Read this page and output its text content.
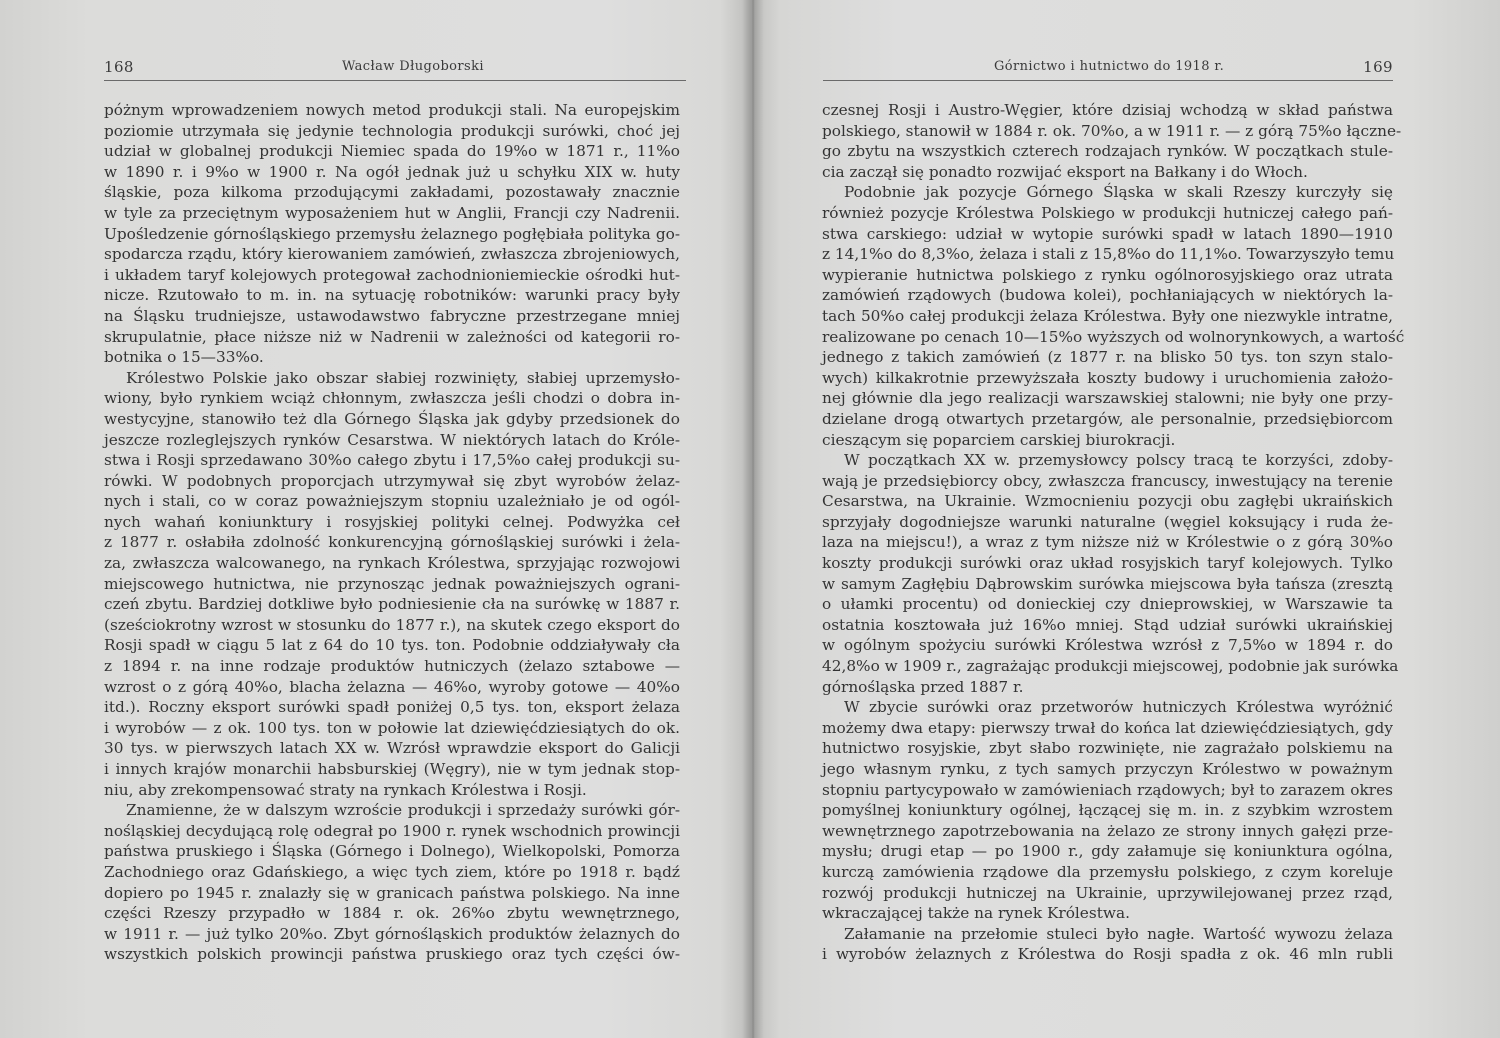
168	Wacław Długoborski
póżnym wprowadzeniem nowych metod produkcji stali. Na europejskim
poziomie utrzymała się jedynie technologia produkcji surówki, choć jej
udział w globalnej produkcji Niemiec spada do 19%o w 1871 r., 11%o
w 1890 r. i 9%o w 1900 r. Na ogół jednak już u schyłku XIX w. huty
śląskie, poza kilkoma przodującymi zakładami, pozostawały znacznie
w tyle za przeciętnym wyposażeniem hut w Anglii, Francji czy Nadrenii.
Upośledzenie górnośląskiego przemysłu żelaznego pogłębiała polityka go-
spodarcza rządu, który kierowaniem zamówień, zwłaszcza zbrojeniowych,
i układem taryf kolejowych protegował zachodnioniemieckie ośrodki hut-
nicze. Rzutowało to m. in. na sytuację robotników: warunki pracy były
na Śląsku trudniejsze, ustawodawstwo fabryczne przestrzegane mniej
skrupulatnie, płace niższe niż w Nadrenii w zależności od kategorii ro-
botnika o 15—33%o.
Królestwo Polskie jako obszar słabiej rozwinięty, słabiej uprzemysło-
wiony, było rynkiem wciąż chłonnym, zwłaszcza jeśli chodzi o dobra in-
westycyjne, stanowiło też dla Górnego Śląska jak gdyby przedsionek do
jeszcze rozleglejszych rynków Cesarstwa. W niektórych latach do Króle-
stwa i Rosji sprzedawano 30%o całego zbytu i 17,5%o całej produkcji su-
rówki. W podobnych proporcjach utrzymywał się zbyt wyrobów żelaz-
nych i stali, co w coraz poważniejszym stopniu uzależniało je od ogól-
nych wahań koniunktury i rosyjskiej polityki celnej. Podwyżka ceł
z 1877 r. osłabiła zdolność konkurencyjną górnośląskiej surówki i żela-
za, zwłaszcza walcowanego, na rynkach Królestwa, sprzyjając rozwojowi
miejscowego hutnictwa, nie przynosząc jednak poważniejszych ograni-
czeń zbytu. Bardziej dotkliwe było podniesienie cła na surówkę w 1887 r.
(sześciokrotny wzrost w stosunku do 1877 r.), na skutek czego eksport do
Rosji spadł w ciągu 5 lat z 64 do 10 tys. ton. Podobnie oddziaływały cła
z 1894 r. na inne rodzaje produktów hutniczych (żelazo sztabowe —
wzrost o z górą 40%o, blacha żelazna — 46%o, wyroby gotowe — 40%o
itd.). Roczny eksport surówki spadł poniżej 0,5 tys. ton, eksport żelaza
i wyrobów — z ok. 100 tys. ton w połowie lat dziewięćdziesiątych do ok.
30 tys. w pierwszych latach XX w. Wzrósł wprawdzie eksport do Galicji
i innych krajów monarchii habsburskiej (Węgry), nie w tym jednak stop-
niu, aby zrekompensować straty na rynkach Królestwa i Rosji.
Znamienne, że w dalszym wzroście produkcji i sprzedaży surówki gór-
nośląskiej decydującą rolę odegrał po 1900 r. rynek wschodnich prowincji
państwa pruskiego i Śląska (Górnego i Dolnego), Wielkopolski, Pomorza
Zachodniego oraz Gdańskiego, a więc tych ziem, które po 1918 r. bądź
dopiero po 1945 r. znalazły się w granicach państwa polskiego. Na inne
części Rzeszy przypadło w 1884 r. ok. 26%o zbytu wewnętrznego,
w 1911 r. — już tylko 20%o. Zbyt górnośląskich produktów żelaznych do
wszystkich polskich prowincji państwa pruskiego oraz tych części ów-
Górnictwo i hutnictwo do 1918 r.	169
czesnej Rosji i Austro-Węgier, które dzisiaj wchodzą w skład państwa
polskiego, stanowił w 1884 r. ok. 70%o, a w 1911 r. — z górą 75%o łączne-
go zbytu na wszystkich czterech rodzajach rynków. W początkach stule-
cia zaczął się ponadto rozwijać eksport na Bałkany i do Włoch.
Podobnie jak pozycje Górnego Śląska w skali Rzeszy kurczyły się
również pozycje Królestwa Polskiego w produkcji hutniczej całego pań-
stwa carskiego: udział w wytopie surówki spadł w latach 1890—1910
z 14,1%o do 8,3%o, żelaza i stali z 15,8%o do 11,1%o. Towarzyszyło temu
wypieranie hutnictwa polskiego z rynku ogólnorosyjskiego oraz utrata
zamówień rządowych (budowa kolei), pochłaniających w niektórych la-
tach 50%o całej produkcji żelaza Królestwa. Były one niezwykle intratne,
realizowane po cenach 10—15%o wyższych od wolnorynkowych, a wartość
jednego z takich zamówień (z 1877 r. na blisko 50 tys. ton szyn stalo-
wych) kilkakrotnie przewyższała koszty budowy i uruchomienia założo-
nej głównie dla jego realizacji warszawskiej stalowni; nie były one przy-
dzielane drogą otwartych przetargów, ale personalnie, przedsiębiorcom
cieszącym się poparciem carskiej biurokracji.
W początkach XX w. przemysłowcy polscy tracą te korzyści, zdoby-
wają je przedsiębiorcy obcy, zwłaszcza francuscy, inwestujący na terenie
Cesarstwa, na Ukrainie. Wzmocnieniu pozycji obu zagłębi ukraińskich
sprzyjały dogodniejsze warunki naturalne (węgiel koksujący i ruda że-
laza na miejscu!), a wraz z tym niższe niż w Królestwie o z górą 30%o
koszty produkcji surówki oraz układ rosyjskich taryf kolejowych. Tylko
w samym Zagłębiu Dąbrowskim surówka miejscowa była tańsza (zresztą
o ułamki procentu) od donieckiej czy dnieprowskiej, w Warszawie ta
ostatnia kosztowała już 16%o mniej. Stąd udział surówki ukraińskiej
w ogólnym spożyciu surówki Królestwa wzrósł z 7,5%o w 1894 r. do
42,8%o w 1909 r., zagrażając produkcji miejscowej, podobnie jak surówka
górnośląska przed 1887 r.
W zbycie surówki oraz przetworów hutniczych Królestwa wyróżnić
możemy dwa etapy: pierwszy trwał do końca lat dziewięćdziesiątych, gdy
hutnictwo rosyjskie, zbyt słabo rozwinięte, nie zagrażało polskiemu na
jego własnym rynku, z tych samych przyczyn Królestwo w poważnym
stopniu partycypowało w zamówieniach rządowych; był to zarazem okres
pomyślnej koniunktury ogólnej, łączącej się m. in. z szybkim wzrostem
wewnętrznego zapotrzebowania na żelazo ze strony innych gałęzi prze-
mysłu; drugi etap — po 1900 r., gdy załamuje się koniunktura ogólna,
kurczą zamówienia rządowe dla przemysłu polskiego, z czym koreluje
rozwój produkcji hutniczej na Ukrainie, uprzywilejowanej przez rząd,
wkraczającej także na rynek Królestwa.
Załamanie na przełomie stuleci było nagłe. Wartość wywozu żelaza
i wyrobów żelaznych z Królestwa do Rosji spadła z ok. 46 mln rubli
